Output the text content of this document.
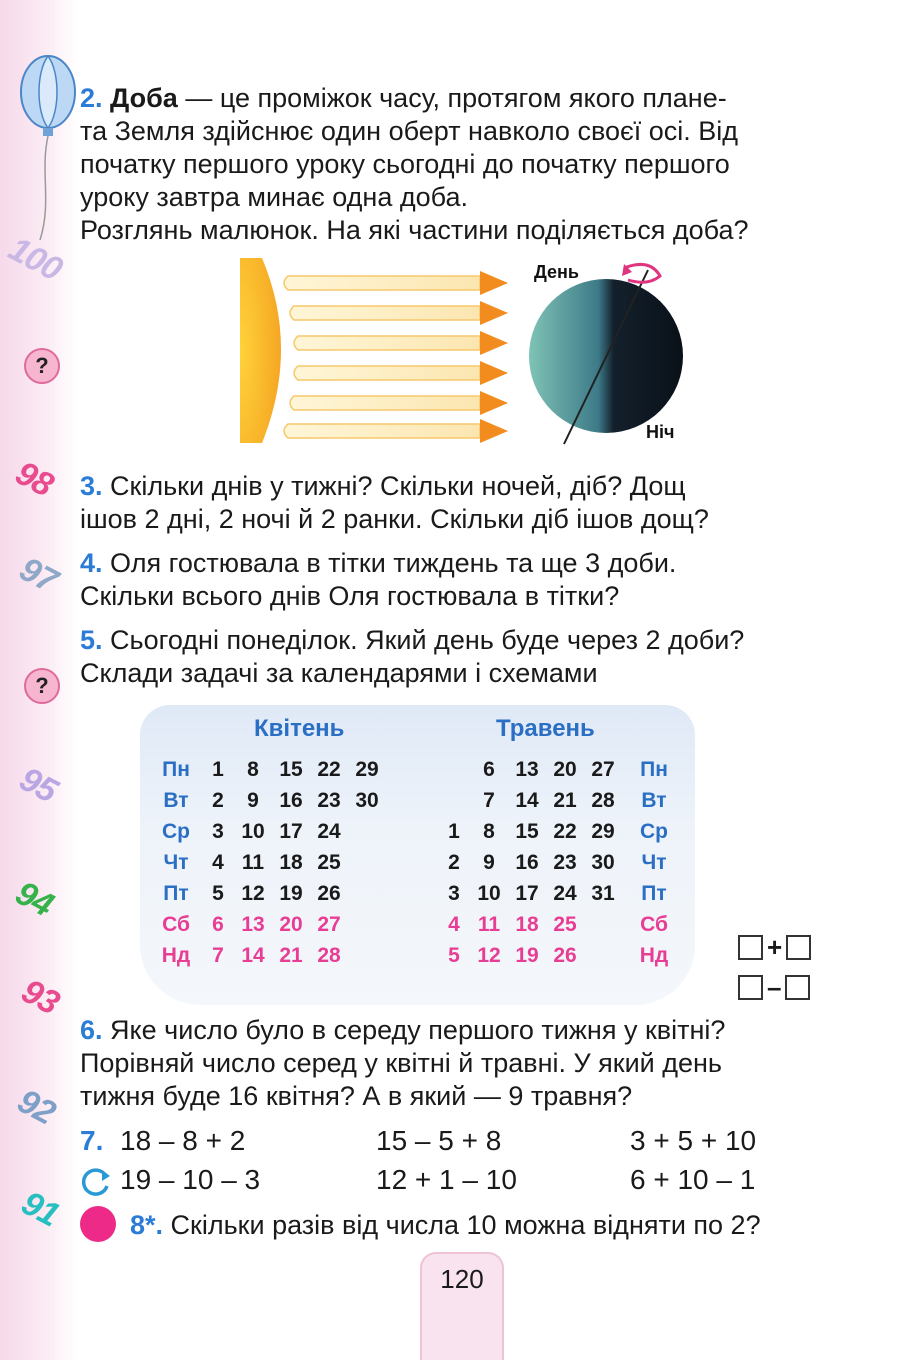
100
?
98
97
?
95
94
93
92
91
2. Доба — це проміжок часу, протягом якого плане-
та Земля здійснює один оберт навколо своєї осі. Від
початку першого уроку сьогодні до початку першого
уроку завтра минає одна доба.
Розглянь малюнок. На які частини поділяється доба?
День
Ніч
3. Скільки днів у тижні? Скільки ночей, діб? Дощ
ішов 2 дні, 2 ночі й 2 ранки. Скільки діб ішов дощ?
4. Оля гостювала в тітки тиждень та ще 3 доби.
Скільки всього днів Оля гостювала в тітки?
5. Сьогодні понеділок. Який день буде через 2 доби?
Склади задачі за календарями і схемами
Квітень	Травень
Пн	1	8 15 22 29	6 13 20 27	Пн
Вт	2	9 16 23 30	7 14 21 28	Вт
Ср	3 10 17 24	1	8 15 22 29	Ср
Чт	4 11 18 25	2	9 16 23 30	Чт
Пт	5 12 19 26	3 10 17 24 31	Пт
Сб	6 13 20 27	4 11 18 25	Сб
Нд	7 14 21 28	5 12 19 26	Нд	+
–
6. Яке число було в середу першого тижня у квітні?
Порівняй число серед у квітні й травні. У який день
тижня буде 16 квітня? А в який — 9 травня?
7. 18 – 8 + 2	15 – 5 + 8	3 + 5 + 10
19 – 10 – 3	12 + 1 – 10	6 + 10 – 1
8*. Скільки разів від числа 10 можна відняти по 2?
120
